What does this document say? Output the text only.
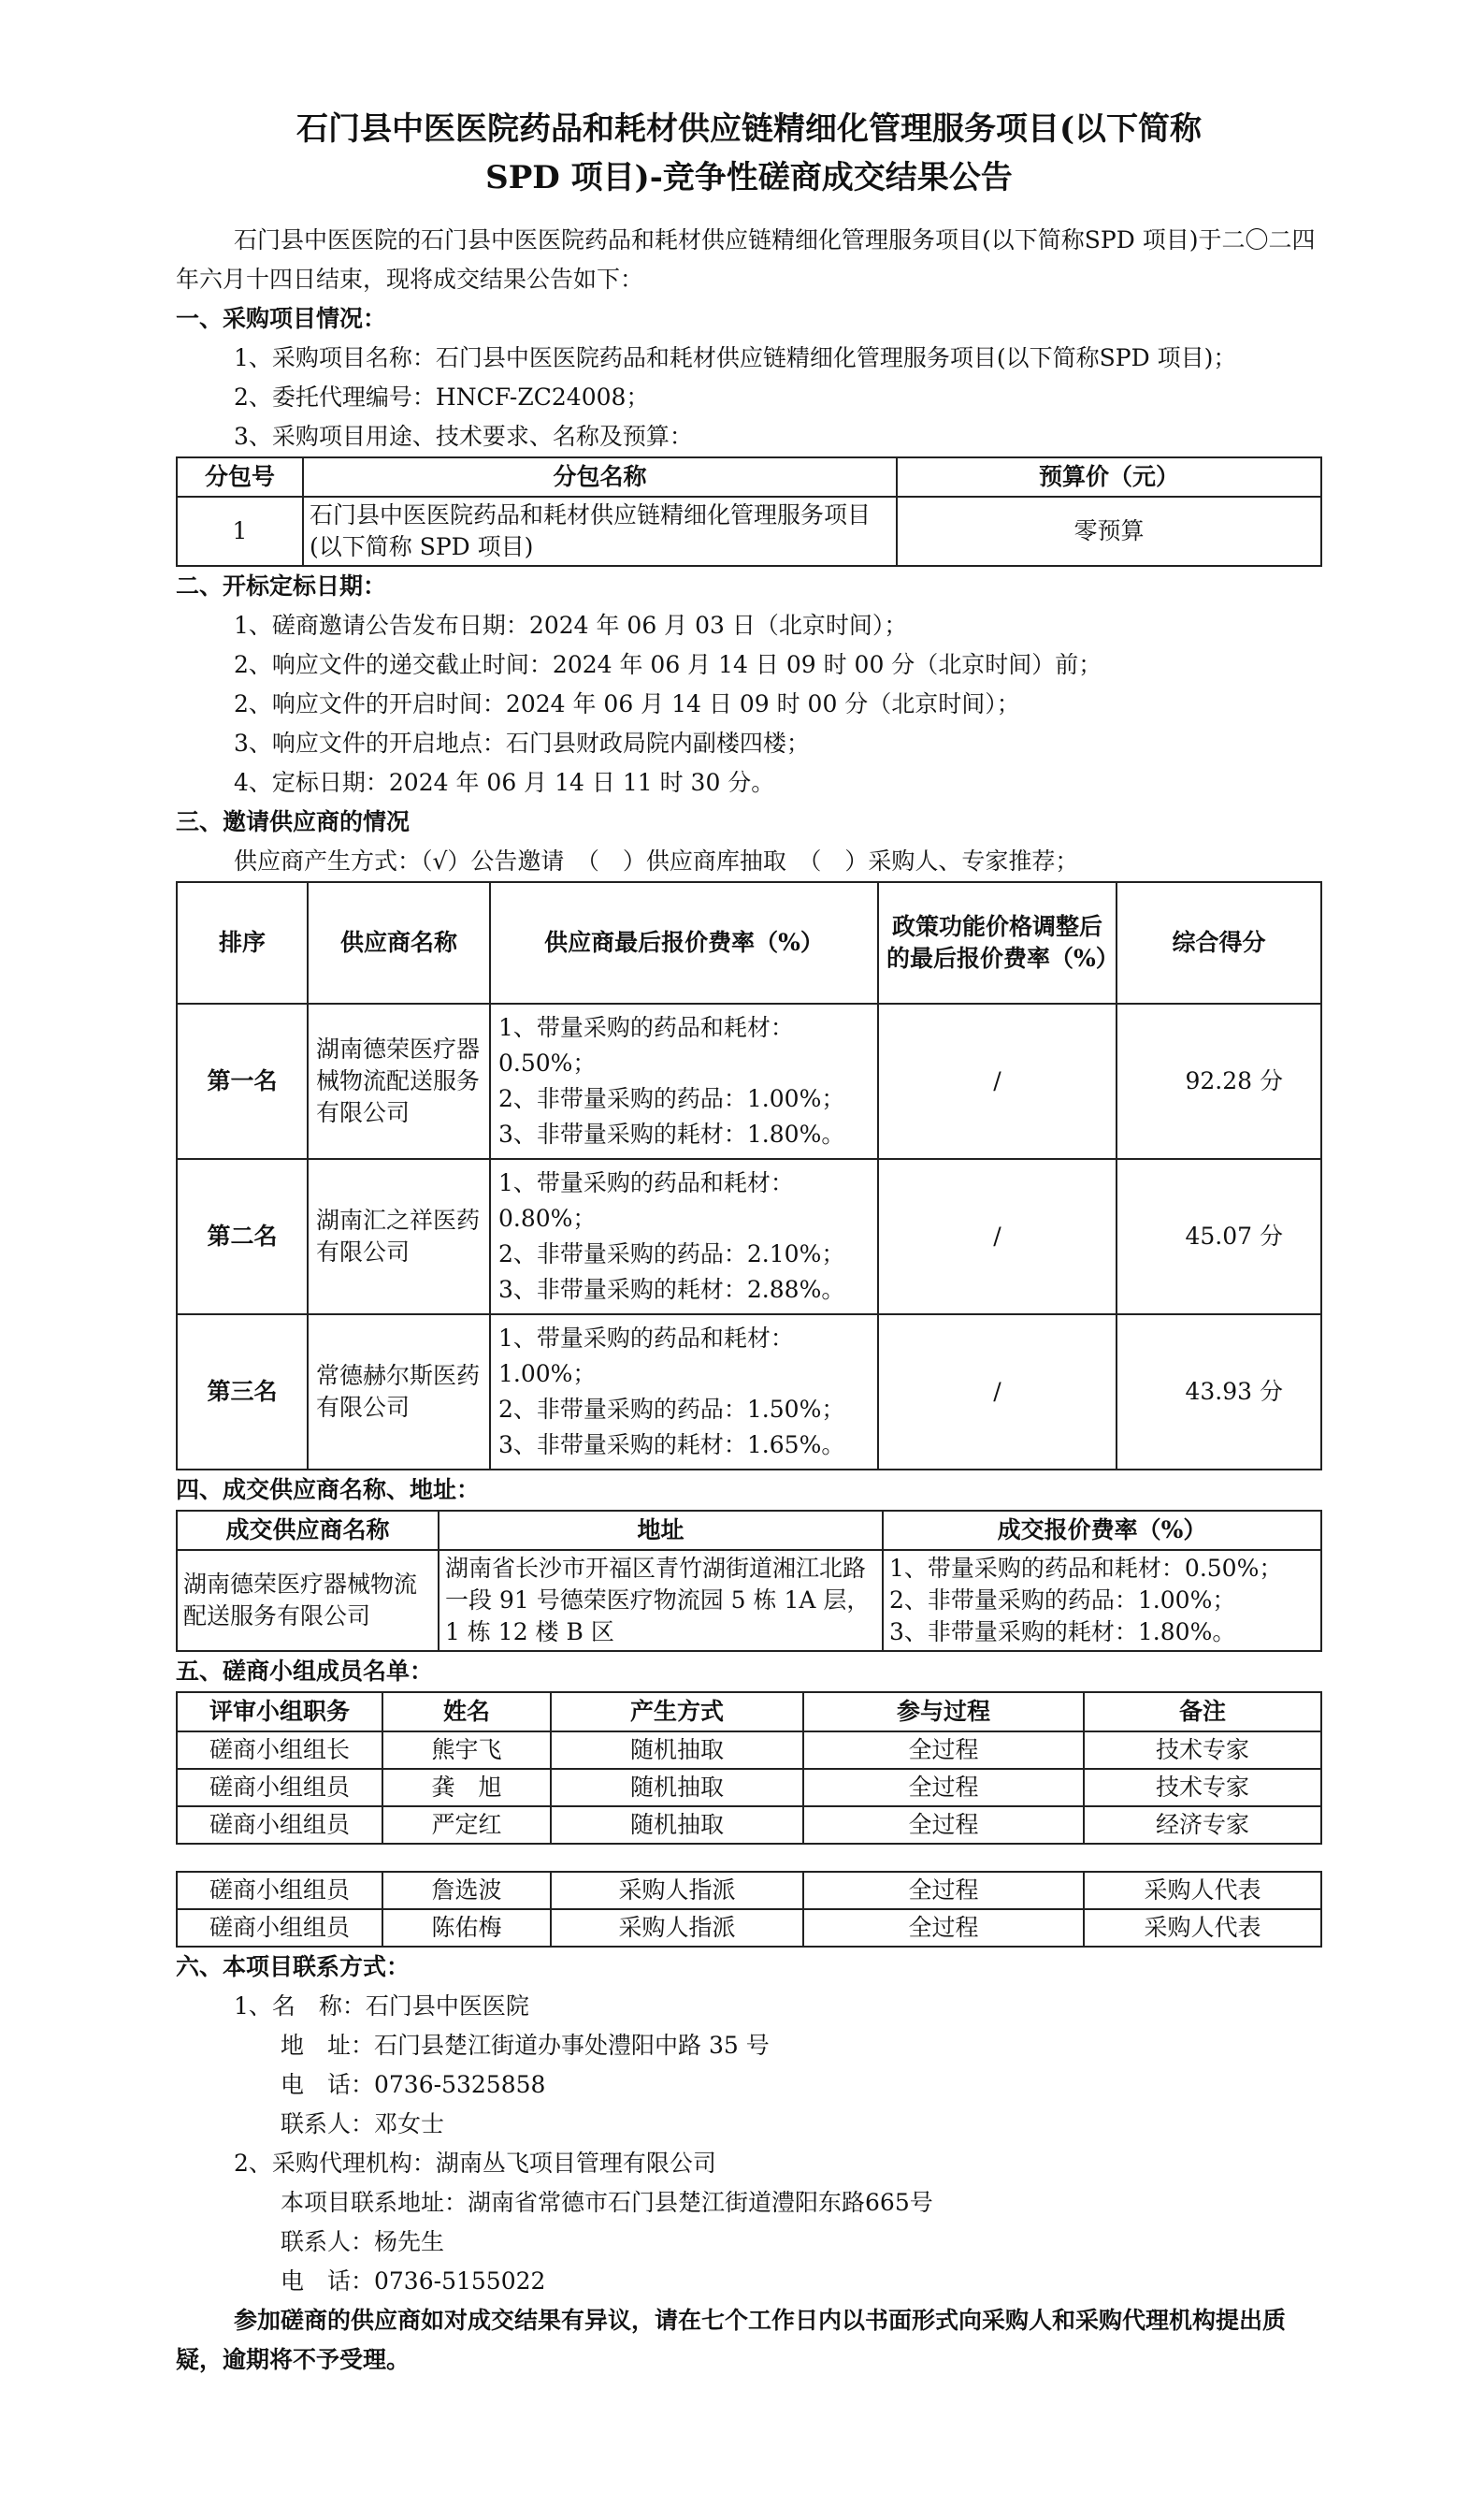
石门县中医医院药品和耗材供应链精细化管理服务项目(以下简称
SPD 项目)-竞争性磋商成交结果公告

石门县中医医院的石门县中医医院药品和耗材供应链精细化管理服务项目(以下简称SPD 项目)于二〇二四年六月十四日结束，现将成交结果公告如下：

一、采购项目情况：

1、采购项目名称：石门县中医医院药品和耗材供应链精细化管理服务项目(以下简称SPD 项目)；

2、委托代理编号：HNCF-ZC24008；

3、采购项目用途、技术要求、名称及预算：

分包号	分包名称	预算价（元）
1	石门县中医医院药品和耗材供应链精细化管理服务项目(以下简称 SPD 项目)	零预算

二、开标定标日期：

1、磋商邀请公告发布日期：2024 年 06 月 03 日（北京时间）；

2、响应文件的递交截止时间：2024 年 06 月 14 日 09 时 00 分（北京时间）前；

2、响应文件的开启时间：2024 年 06 月 14 日 09 时 00 分（北京时间）；

3、响应文件的开启地点：石门县财政局院内副楼四楼；

4、定标日期：2024 年 06 月 14 日 11 时 30 分。

三、邀请供应商的情况

供应商产生方式：（√）公告邀请　（　）供应商库抽取　（　）采购人、专家推荐；

排序	供应商名称	供应商最后报价费率（%）	政策功能价格调整后的最后报价费率（%）	综合得分
第一名	湖南德荣医疗器械物流配送服务有限公司	1、带量采购的药品和耗材：0.50%；
2、非带量采购的药品：1.00%；
3、非带量采购的耗材：1.80%。	/	92.28 分
第二名	湖南汇之祥医药有限公司	1、带量采购的药品和耗材：0.80%；
2、非带量采购的药品：2.10%；
3、非带量采购的耗材：2.88%。	/	45.07 分
第三名	常德赫尔斯医药有限公司	1、带量采购的药品和耗材：1.00%；
2、非带量采购的药品：1.50%；
3、非带量采购的耗材：1.65%。	/	43.93 分

四、成交供应商名称、地址：

成交供应商名称	地址	成交报价费率（%）
湖南德荣医疗器械物流配送服务有限公司	湖南省长沙市开福区青竹湖街道湘江北路一段 91 号德荣医疗物流园 5 栋 1A 层，1 栋 12 楼 B 区	1、带量采购的药品和耗材：0.50%；
2、非带量采购的药品：1.00%；
3、非带量采购的耗材：1.80%。

五、磋商小组成员名单：

评审小组职务	姓名	产生方式	参与过程	备注
磋商小组组长	熊宇飞	随机抽取	全过程	技术专家
磋商小组组员	龚　旭	随机抽取	全过程	技术专家
磋商小组组员	严定红	随机抽取	全过程	经济专家
磋商小组组员	詹选波	采购人指派	全过程	采购人代表
磋商小组组员	陈佑梅	采购人指派	全过程	采购人代表

六、本项目联系方式：

1、名　称：石门县中医医院

地　址：石门县楚江街道办事处澧阳中路 35 号

电　话：0736-5325858

联系人：邓女士

2、采购代理机构：湖南丛飞项目管理有限公司

本项目联系地址：湖南省常德市石门县楚江街道澧阳东路665号

联系人：杨先生

电　话：0736-5155022

参加磋商的供应商如对成交结果有异议，请在七个工作日内以书面形式向采购人和采购代理机构提出质疑，逾期将不予受理。
